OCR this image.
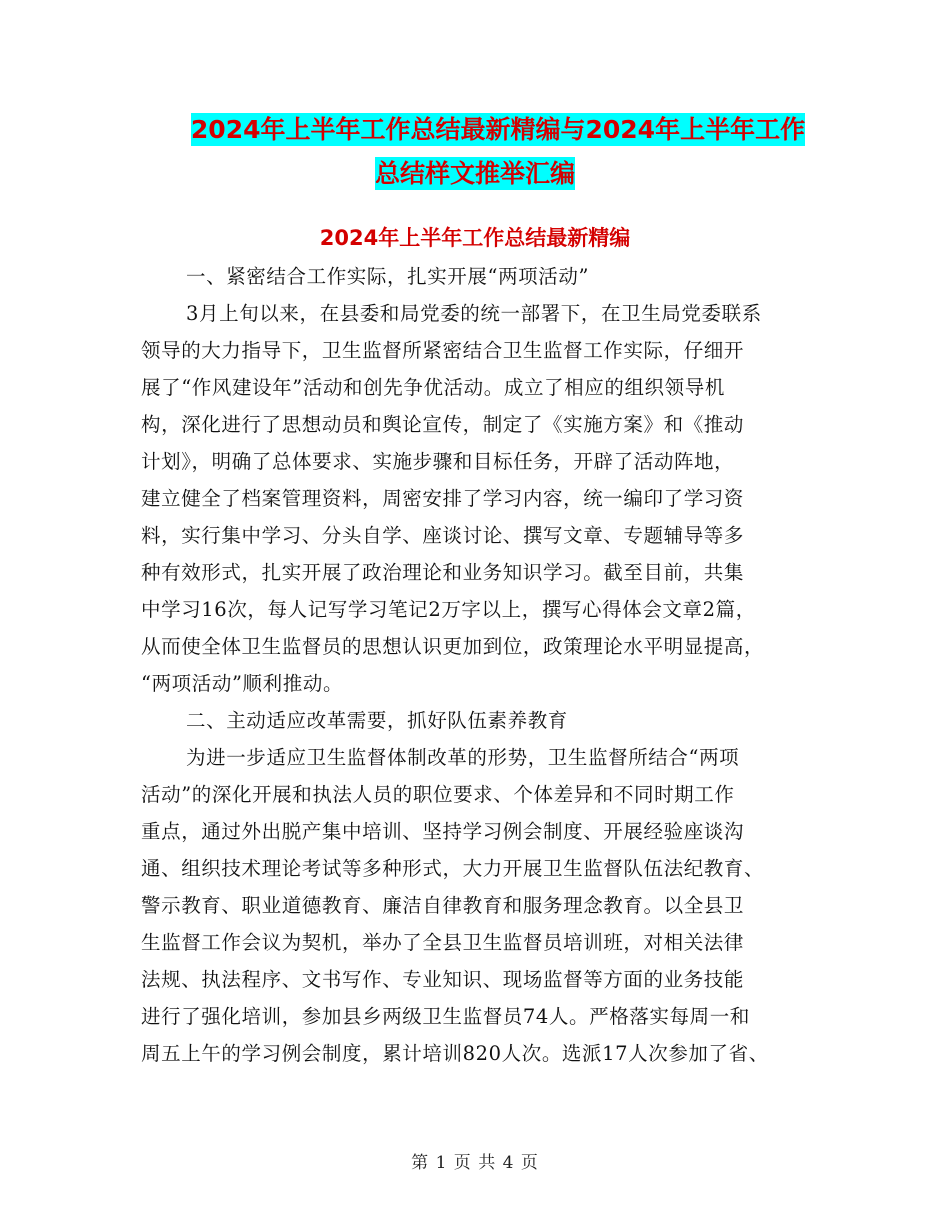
2024年上半年工作总结最新精编与2024年上半年工作
总结样文推举汇编
2024年上半年工作总结最新精编
一、紧密结合工作实际，扎实开展“两项活动”
3月上旬以来，在县委和局党委的统一部署下，在卫生局党委联系
领导的大力指导下，卫生监督所紧密结合卫生监督工作实际，仔细开
展了“作风建设年”活动和创先争优活动。成立了相应的组织领导机
构，深化进行了思想动员和舆论宣传，制定了《实施方案》和《推动
计划》，明确了总体要求、实施步骤和目标任务，开辟了活动阵地，
建立健全了档案管理资料，周密安排了学习内容，统一编印了学习资
料，实行集中学习、分头自学、座谈讨论、撰写文章、专题辅导等多
种有效形式，扎实开展了政治理论和业务知识学习。截至目前，共集
中学习16次，每人记写学习笔记2万字以上，撰写心得体会文章2篇，
从而使全体卫生监督员的思想认识更加到位，政策理论水平明显提高，
“两项活动”顺利推动。
二、主动适应改革需要，抓好队伍素养教育
为进一步适应卫生监督体制改革的形势，卫生监督所结合“两项
活动”的深化开展和执法人员的职位要求、个体差异和不同时期工作
重点，通过外出脱产集中培训、坚持学习例会制度、开展经验座谈沟
通、组织技术理论考试等多种形式，大力开展卫生监督队伍法纪教育、
警示教育、职业道德教育、廉洁自律教育和服务理念教育。以全县卫
生监督工作会议为契机，举办了全县卫生监督员培训班，对相关法律
法规、执法程序、文书写作、专业知识、现场监督等方面的业务技能
进行了强化培训，参加县乡两级卫生监督员74人。严格落实每周一和
周五上午的学习例会制度，累计培训820人次。选派17人次参加了省、
第 1 页 共 4 页
